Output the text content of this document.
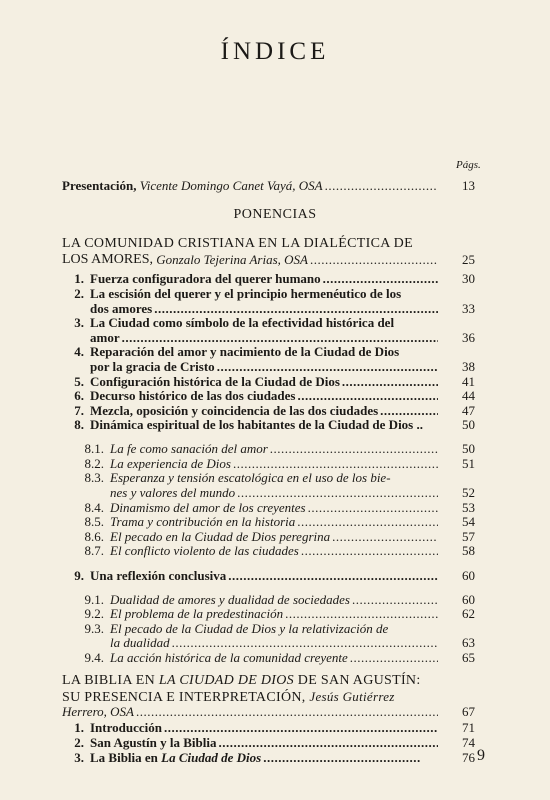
ÍNDICE
Págs.
Presentación,
Vicente Domingo Canet Vayá, OSA .....	13
PONENCIAS
LA COMUNIDAD CRISTIANA EN LA DIALÉCTICA DE
LOS AMORES,
Gonzalo Tejerina Arias, OSA .....	25
1. Fuerza configuradora del querer humano .....	30
2. La escisión del querer y el principio hermenéutico de los
dos amores .....	33
3. La Ciudad como símbolo de la efectividad histórica del
amor .....	36
4. Reparación del amor y nacimiento de la Ciudad de Dios
por la gracia de Cristo .....	38
5. Configuración histórica de la Ciudad de Dios .....	41
6. Decurso histórico de las dos ciudades .....	44
7. Mezcla, oposición y coincidencia de las dos ciudades .....	47
8. Dinámica espiritual de los habitantes de la Ciudad de Dios ..	50
8.1. La fe como sanación del amor .....	50
8.2. La experiencia de Dios .....	51
8.3. Esperanza y tensión escatológica en el uso de los bie-
nes y valores del mundo .....	52
8.4. Dinamismo del amor de los creyentes .....	53
8.5. Trama y contribución en la historia .....	54
8.6. El pecado en la Ciudad de Dios peregrina .....	57
8.7. El conflicto violento de las ciudades .....	58
9. Una reflexión conclusiva .....	60
9.1. Dualidad de amores y dualidad de sociedades .....	60
9.2. El problema de la predestinación .....	62
9.3. El pecado de la Ciudad de Dios y la relativización de
la dualidad .....	63
9.4. La acción histórica de la comunidad creyente .....	65
LA BIBLIA EN LA CIUDAD DE DIOS DE SAN AGUSTÍN:
SU PRESENCIA E INTERPRETACIÓN, Jesús Gutiérrez
Herrero, OSA .....	67
1. Introducción .....	71
2. San Agustín y la Biblia .....	74
3. La Biblia en
La Ciudad de Dios .....	76 9
